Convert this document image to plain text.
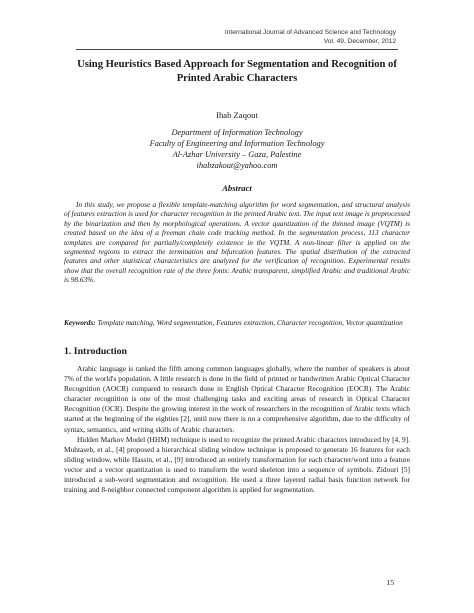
International Journal of Advanced Science and Technology
Vol. 49, December, 2012
Using Heuristics Based Approach for Segmentation and Recognition of Printed Arabic Characters
Ihab Zaqout
Department of Information Technology
Faculty of Engineering and Information Technology
Al-Azhar University – Gaza, Palestine
ihabzakout@yahoo.com
Abstract
In this study, we propose a flexible template-matching algorithm for word segmentation, and structural analysis of features extraction is used for character recognition in the printed Arabic text. The input text image is preprocessed by the binarization and then by morphological operations. A vector quantization of the thinned image (VQTM) is created based on the idea of a freeman chain code tracking method. In the segmentation process, 113 character templates are compared for partially/completely existence in the VQTM. A non-linear filter is applied on the segmented regions to extract the termination and bifurcation features. The spatial distribution of the extracted features and other statistical characteristics are analyzed for the verification of recognition. Experimental results show that the overall recognition rate of the three fonts: Arabic transparent, simplified Arabic and traditional Arabic is 98.63%.
Keywords: Template matching, Word segmentation, Features extraction, Character recognition, Vector quantization
1. Introduction

Arabic language is ranked the fifth among common languages globally, where the number of speakers is about 7% of the world's population. A little research is done in the field of printed or handwritten Arabic Optical Character Recognition (AOCR) compared to research done in English Optical Character Recognition (EOCR). The Arabic character recognition is one of the most challenging tasks and exciting areas of research in Optical Character Recognition (OCR). Despite the growing interest in the work of researchers in the recognition of Arabic texts which started at the beginning of the eighties [2], until now there is no a comprehensive algorithm, due to the difficulty of syntax, semantics, and writing skills of Arabic characters.

Hidden Markov Model (HHM) technique is used to recognize the printed Arabic characters introduced by [4, 9]. Muhtaseb, et al., [4] proposed a hierarchical sliding window technique is proposed to generate 16 features for each sliding window, while Hassin, et al., [9] introduced an entirely transformation for each character/word into a feature vector and a vector quantization is used to transform the word skeleton into a sequence of symbols. Zidouri [5] introduced a sub-word segmentation and recognition. He used a three layered radial basis function network for training and 8-neighbor connected component algorithm is applied for segmentation.

15
